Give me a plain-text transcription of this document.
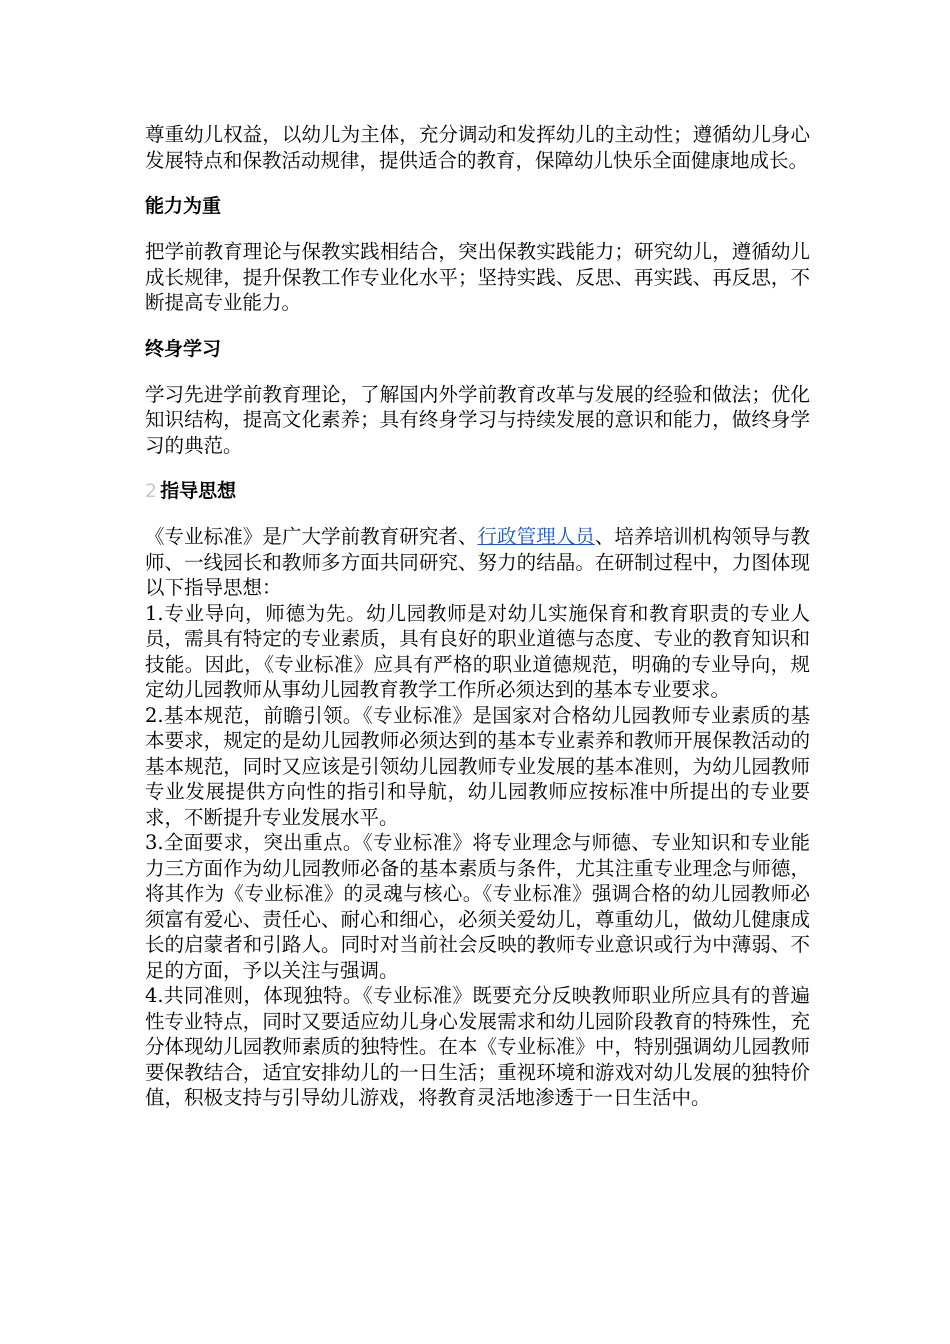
尊重幼儿权益，以幼儿为主体，充分调动和发挥幼儿的主动性；遵循幼儿身心发展特点和保教活动规律，提供适合的教育，保障幼儿快乐全面健康地成长。

能力为重

把学前教育理论与保教实践相结合，突出保教实践能力；研究幼儿，遵循幼儿成长规律，提升保教工作专业化水平；坚持实践、反思、再实践、再反思，不断提高专业能力。

终身学习

学习先进学前教育理论，了解国内外学前教育改革与发展的经验和做法；优化知识结构，提高文化素养；具有终身学习与持续发展的意识和能力，做终身学习的典范。

2 指导思想

《专业标准》是广大学前教育研究者、行政管理人员、培养培训机构领导与教师、一线园长和教师多方面共同研究、努力的结晶。在研制过程中，力图体现以下指导思想：

1.专业导向，师德为先。幼儿园教师是对幼儿实施保育和教育职责的专业人员，需具有特定的专业素质，具有良好的职业道德与态度、专业的教育知识和技能。因此，《专业标准》应具有严格的职业道德规范，明确的专业导向，规定幼儿园教师从事幼儿园教育教学工作所必须达到的基本专业要求。

2.基本规范，前瞻引领。《专业标准》是国家对合格幼儿园教师专业素质的基本要求，规定的是幼儿园教师必须达到的基本专业素养和教师开展保教活动的基本规范，同时又应该是引领幼儿园教师专业发展的基本准则，为幼儿园教师专业发展提供方向性的指引和导航，幼儿园教师应按标准中所提出的专业要求，不断提升专业发展水平。

3.全面要求，突出重点。《专业标准》将专业理念与师德、专业知识和专业能力三方面作为幼儿园教师必备的基本素质与条件，尤其注重专业理念与师德，将其作为《专业标准》的灵魂与核心。《专业标准》强调合格的幼儿园教师必须富有爱心、责任心、耐心和细心，必须关爱幼儿，尊重幼儿，做幼儿健康成长的启蒙者和引路人。同时对当前社会反映的教师专业意识或行为中薄弱、不足的方面，予以关注与强调。

4.共同准则，体现独特。《专业标准》既要充分反映教师职业所应具有的普遍性专业特点，同时又要适应幼儿身心发展需求和幼儿园阶段教育的特殊性，充分体现幼儿园教师素质的独特性。在本《专业标准》中，特别强调幼儿园教师要保教结合，适宜安排幼儿的一日生活；重视环境和游戏对幼儿发展的独特价值，积极支持与引导幼儿游戏，将教育灵活地渗透于一日生活中。
